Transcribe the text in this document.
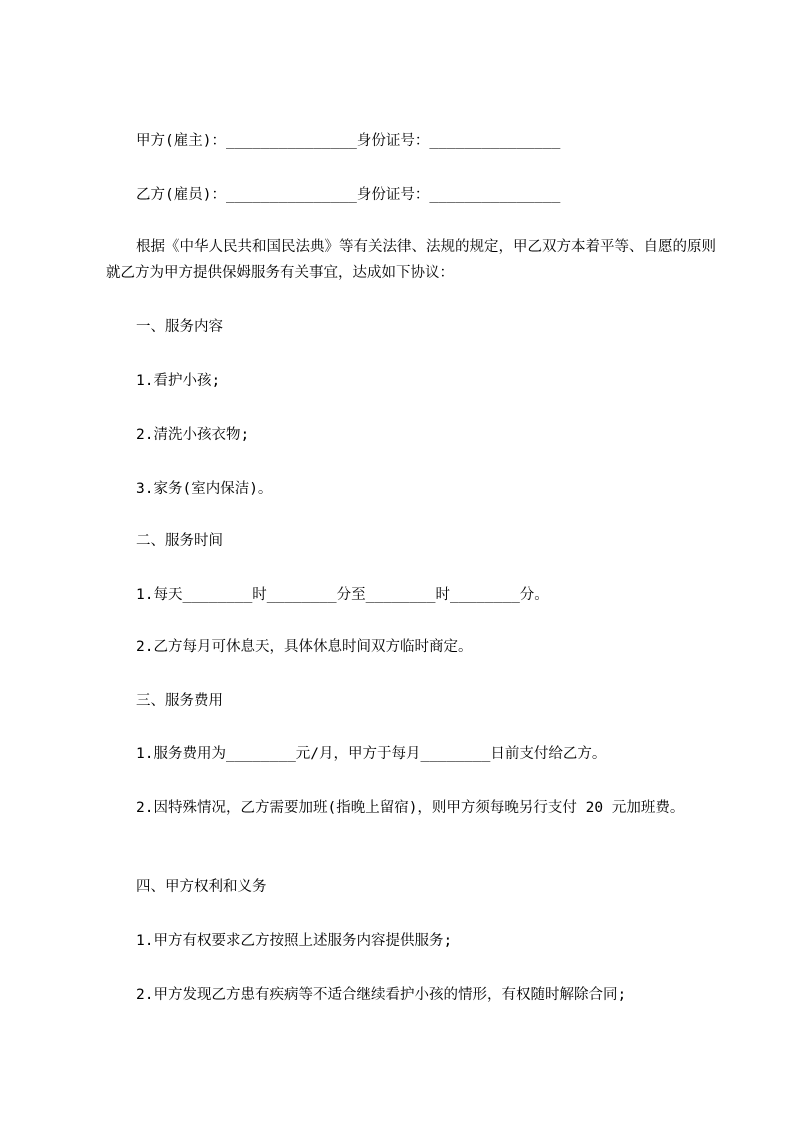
甲方(雇主)：_______________身份证号：_______________
乙方(雇员)：_______________身份证号：_______________
根据《中华人民共和国民法典》等有关法律、法规的规定，甲乙双方本着平等、自愿的原则就乙方为甲方提供保姆服务有关事宜，达成如下协议：
一、服务内容
1.看护小孩;
2.清洗小孩衣物;
3.家务(室内保洁)。
二、服务时间
1.每天________时________分至________时________分。
2.乙方每月可休息天，具体休息时间双方临时商定。
三、服务费用
1.服务费用为________元/月，甲方于每月________日前支付给乙方。
2.因特殊情况，乙方需要加班(指晚上留宿)，则甲方须每晚另行支付 20 元加班费。
四、甲方权利和义务
1.甲方有权要求乙方按照上述服务内容提供服务;
2.甲方发现乙方患有疾病等不适合继续看护小孩的情形，有权随时解除合同;
